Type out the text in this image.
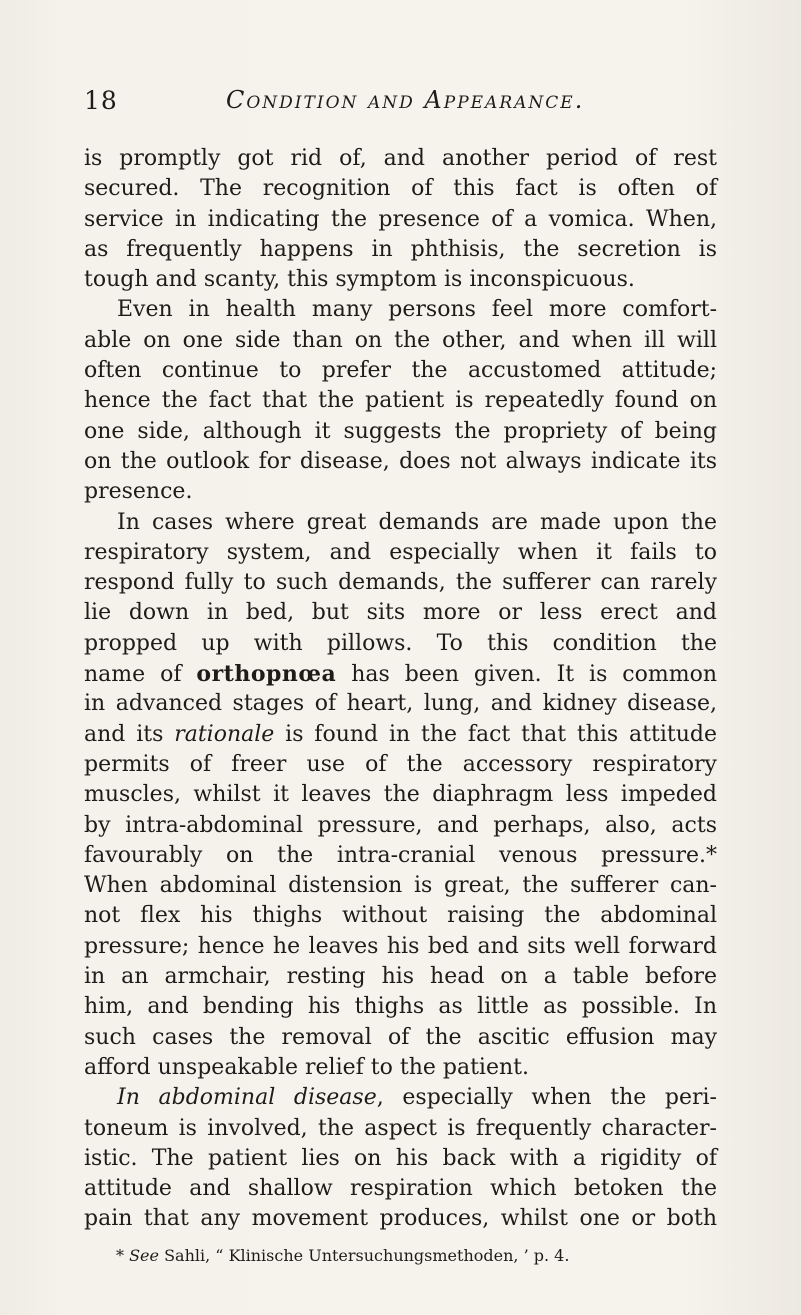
18	Condition and Appearance.
is promptly got rid of, and another period of rest
secured. The recognition of this fact is often of
service in indicating the presence of a vomica. When,
as frequently happens in phthisis, the secretion is
tough and scanty, this symptom is inconspicuous.
Even in health many persons feel more comfort-
able on one side than on the other, and when ill will
often continue to prefer the accustomed attitude;
hence the fact that the patient is repeatedly found on
one side, although it suggests the propriety of being
on the outlook for disease, does not always indicate its
presence.
In cases where great demands are made upon the
respiratory system, and especially when it fails to
respond fully to such demands, the sufferer can rarely
lie down in bed, but sits more or less erect and
propped up with pillows. To this condition the
name of orthopnœa has been given. It is common
in advanced stages of heart, lung, and kidney disease,
and its rationale is found in the fact that this attitude
permits of freer use of the accessory respiratory
muscles, whilst it leaves the diaphragm less impeded
by intra-abdominal pressure, and perhaps, also, acts
favourably on the intra-cranial venous pressure.*
When abdominal distension is great, the sufferer can-
not flex his thighs without raising the abdominal
pressure; hence he leaves his bed and sits well forward
in an armchair, resting his head on a table before
him, and bending his thighs as little as possible. In
such cases the removal of the ascitic effusion may
afford unspeakable relief to the patient.
In abdominal disease, especially when the peri-
toneum is involved, the aspect is frequently character-
istic. The patient lies on his back with a rigidity of
attitude and shallow respiration which betoken the
pain that any movement produces, whilst one or both
* See Sahli, “ Klinische Untersuchungsmethoden, ’ p. 4.
